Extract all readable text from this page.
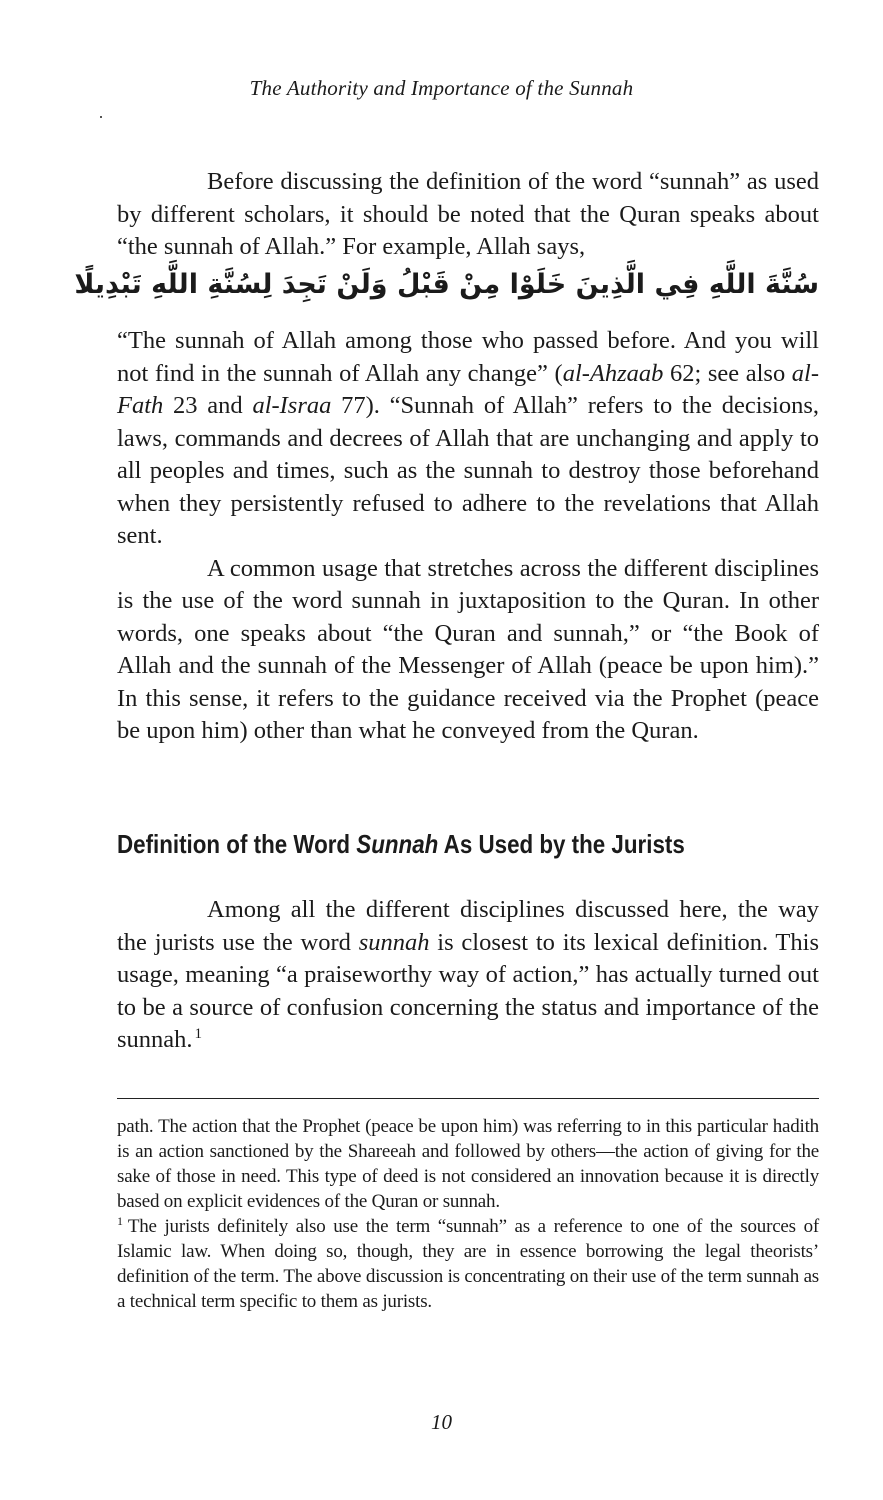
The Authority and Importance of the Sunnah

Before discussing the definition of the word “sunnah” as used by different scholars, it should be noted that the Quran speaks about “the sunnah of Allah.” For example, Allah says,

سُنَّةَ اللَّهِ فِي الَّذِينَ خَلَوْا مِنْ قَبْلُ وَلَنْ تَجِدَ لِسُنَّةِ اللَّهِ تَبْدِيلًا

“The sunnah of Allah among those who passed before. And you will not find in the sunnah of Allah any change” (al-Ahzaab 62; see also al-Fath 23 and al-Israa 77). “Sunnah of Allah” refers to the decisions, laws, commands and decrees of Allah that are unchanging and apply to all peoples and times, such as the sunnah to destroy those beforehand when they persistently refused to adhere to the revelations that Allah sent.

A common usage that stretches across the different disciplines is the use of the word sunnah in juxtaposition to the Quran. In other words, one speaks about “the Quran and sunnah,” or “the Book of Allah and the sunnah of the Messenger of Allah (peace be upon him).” In this sense, it refers to the guidance received via the Prophet (peace be upon him) other than what he conveyed from the Quran.

Definition of the Word Sunnah As Used by the Jurists

Among all the different disciplines discussed here, the way the jurists use the word sunnah is closest to its lexical definition. This usage, meaning “a praiseworthy way of action,” has actually turned out to be a source of confusion concerning the status and importance of the sunnah. $^1$

path. The action that the Prophet (peace be upon him) was referring to in this particular hadith is an action sanctioned by the Shareeah and followed by others—the action of giving for the sake of those in need. This type of deed is not considered an innovation because it is directly based on explicit evidences of the Quran or sunnah.

$^1$ The jurists definitely also use the term “sunnah” as a reference to one of the sources of Islamic law. When doing so, though, they are in essence borrowing the legal theorists’ definition of the term. The above discussion is concentrating on their use of the term sunnah as a technical term specific to them as jurists.

10
